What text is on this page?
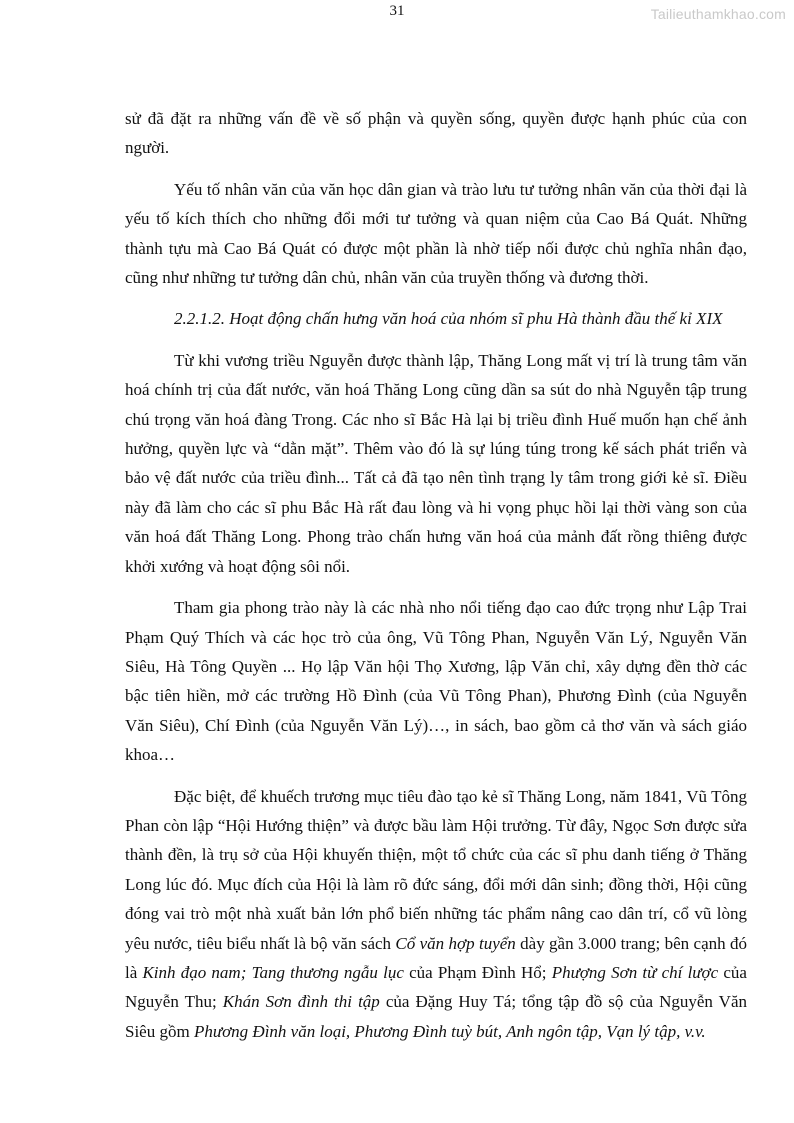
31	Tailieuthamkhao.com

sử đã đặt ra những vấn đề về số phận và quyền sống, quyền được hạnh phúc của con người.

Yếu tố nhân văn của văn học dân gian và trào lưu tư tưởng nhân văn của thời đại là yếu tố kích thích cho những đổi mới tư tưởng và quan niệm của Cao Bá Quát. Những thành tựu mà Cao Bá Quát có được một phần là nhờ tiếp nối được chủ nghĩa nhân đạo, cũng như những tư tưởng dân chủ, nhân văn của truyền thống và đương thời.

2.2.1.2. Hoạt động chấn hưng văn hoá của nhóm sĩ phu Hà thành đầu thế kỉ XIX

Từ khi vương triều Nguyễn được thành lập, Thăng Long mất vị trí là trung tâm văn hoá chính trị của đất nước, văn hoá Thăng Long cũng dần sa sút do nhà Nguyễn tập trung chú trọng văn hoá đàng Trong. Các nho sĩ Bắc Hà lại bị triều đình Huế muốn hạn chế ảnh hưởng, quyền lực và “dằn mặt”. Thêm vào đó là sự lúng túng trong kế sách phát triển và bảo vệ đất nước của triều đình... Tất cả đã tạo nên tình trạng ly tâm trong giới kẻ sĩ. Điều này đã làm cho các sĩ phu Bắc Hà rất đau lòng và hi vọng phục hồi lại thời vàng son của văn hoá đất Thăng Long. Phong trào chấn hưng văn hoá của mảnh đất rồng thiêng được khởi xướng và hoạt động sôi nổi.

Tham gia phong trào này là các nhà nho nổi tiếng đạo cao đức trọng như Lập Trai Phạm Quý Thích và các học trò của ông, Vũ Tông Phan, Nguyễn Văn Lý, Nguyễn Văn Siêu, Hà Tông Quyền ... Họ lập Văn hội Thọ Xương, lập Văn chỉ, xây dựng đền thờ các bậc tiên hiền, mở các trường Hồ Đình (của Vũ Tông Phan), Phương Đình (của Nguyễn Văn Siêu), Chí Đình (của Nguyễn Văn Lý)…, in sách, bao gồm cả thơ văn và sách giáo khoa…

Đặc biệt, để khuếch trương mục tiêu đào tạo kẻ sĩ Thăng Long, năm 1841, Vũ Tông Phan còn lập “Hội Hướng thiện” và được bầu làm Hội trưởng. Từ đây, Ngọc Sơn được sửa thành đền, là trụ sở của Hội khuyến thiện, một tổ chức của các sĩ phu danh tiếng ở Thăng Long lúc đó. Mục đích của Hội là làm rõ đức sáng, đổi mới dân sinh; đồng thời, Hội cũng đóng vai trò một nhà xuất bản lớn phổ biến những tác phẩm nâng cao dân trí, cổ vũ lòng yêu nước, tiêu biểu nhất là bộ văn sách Cổ văn hợp tuyển dày gần 3.000 trang; bên cạnh đó là Kinh đạo nam; Tang thương ngẫu lục của Phạm Đình Hổ; Phượng Sơn từ chí lược của Nguyễn Thu; Khán Sơn đình thi tập của Đặng Huy Tá; tổng tập đồ sộ của Nguyễn Văn Siêu gồm Phương Đình văn loại, Phương Đình tuỳ bút, Anh ngôn tập, Vạn lý tập, v.v.
